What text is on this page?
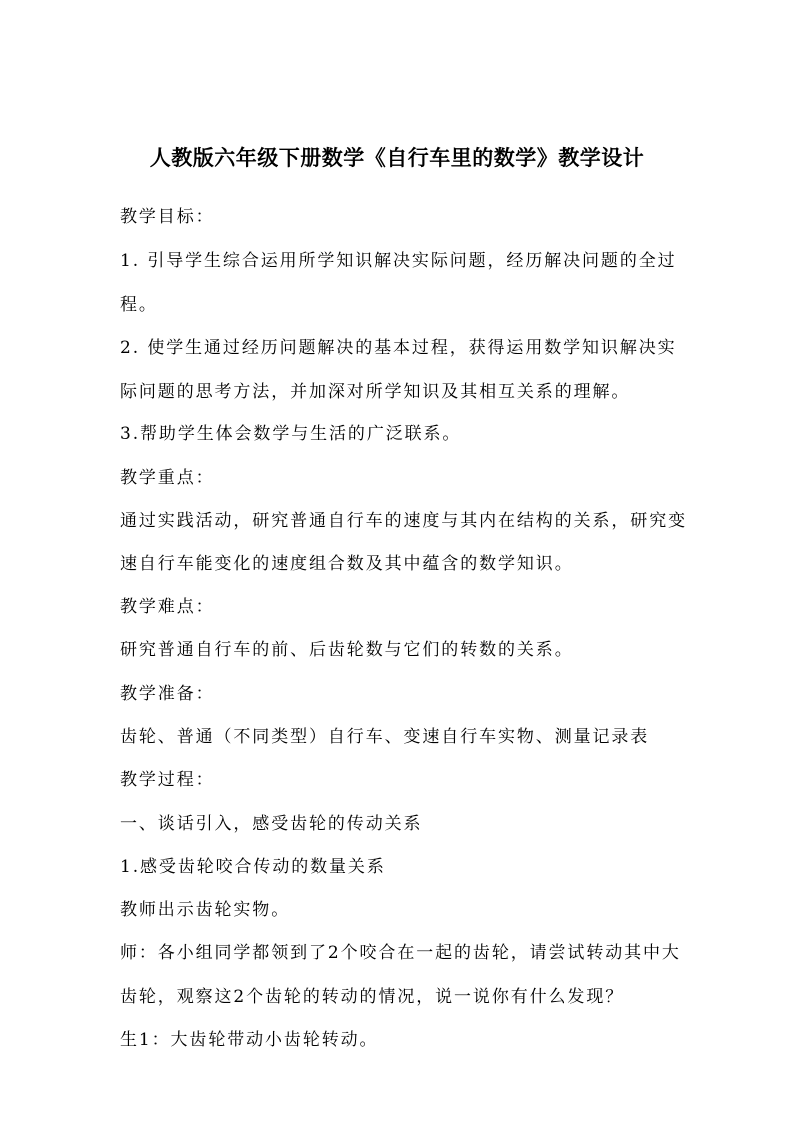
人教版六年级下册数学《自行车里的数学》教学设计
教学目标：
1. 引导学生综合运用所学知识解决实际问题，经历解决问题的全过
程。
2. 使学生通过经历问题解决的基本过程，获得运用数学知识解决实
际问题的思考方法，并加深对所学知识及其相互关系的理解。
3.帮助学生体会数学与生活的广泛联系。
教学重点：
通过实践活动，研究普通自行车的速度与其内在结构的关系，研究变
速自行车能变化的速度组合数及其中蕴含的数学知识。
教学难点：
研究普通自行车的前、后齿轮数与它们的转数的关系。
教学准备：
齿轮、普通（不同类型）自行车、变速自行车实物、测量记录表
教学过程：
一、谈话引入，感受齿轮的传动关系
1.感受齿轮咬合传动的数量关系
教师出示齿轮实物。
师：各小组同学都领到了2个咬合在一起的齿轮，请尝试转动其中大
齿轮，观察这2个齿轮的转动的情况，说一说你有什么发现？
生1：大齿轮带动小齿轮转动。
